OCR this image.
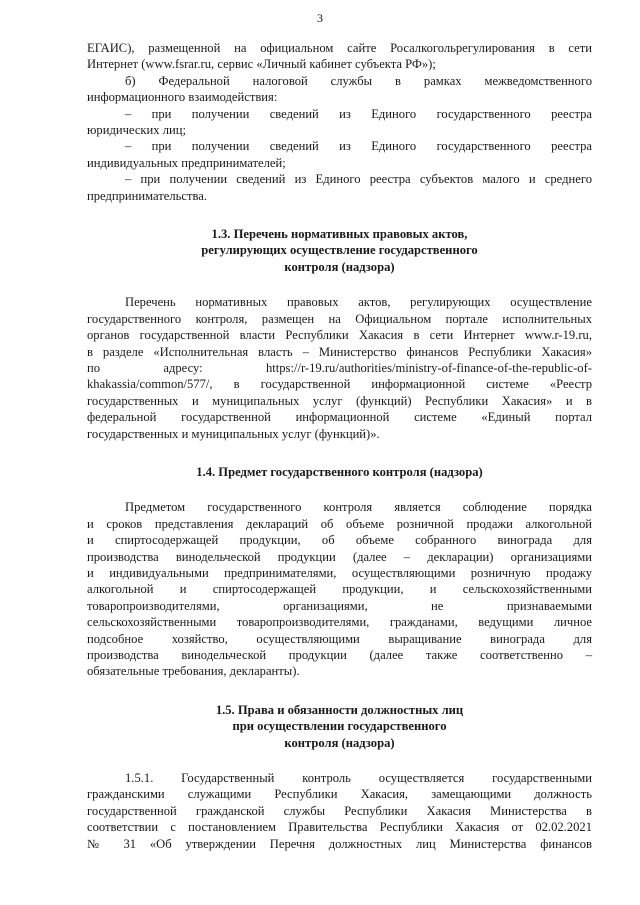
3

ЕГАИС), размещенной на официальном сайте Росалкогольрегулирования в сети

Интернет (www.fsrar.ru, сервис «Личный кабинет субъекта РФ»);

б) Федеральной налоговой службы в рамках межведомственного

информационного взаимодействия:

– при получении сведений из Единого государственного реестра

юридических лиц;

– при получении сведений из Единого государственного реестра

индивидуальных предпринимателей;

– при получении сведений из Единого реестра субъектов малого и среднего

предпринимательства.

1.3. Перечень нормативных правовых актов,
регулирующих осуществление государственного
контроля (надзора)

Перечень нормативных правовых актов, регулирующих осуществление

государственного контроля, размещен на Официальном портале исполнительных

органов государственной власти Республики Хакасия в сети Интернет www.r-19.ru,

в разделе «Исполнительная власть – Министерство финансов Республики Хакасия»

по адресу: https://r-19.ru/authorities/ministry-of-finance-of-the-republic-of-

khakassia/common/577/, в государственной информационной системе «Реестр

государственных и муниципальных услуг (функций) Республики Хакасия» и в

федеральной государственной информационной системе «Единый портал

государственных и муниципальных услуг (функций)».

1.4. Предмет государственного контроля (надзора)

Предметом государственного контроля является соблюдение порядка

и сроков представления деклараций об объеме розничной продажи алкогольной

и спиртосодержащей продукции, об объеме собранного винограда для

производства винодельческой продукции (далее – декларации) организациями

и индивидуальными предпринимателями, осуществляющими розничную продажу

алкогольной и спиртосодержащей продукции, и сельскохозяйственными

товаропроизводителями, организациями, не признаваемыми

сельскохозяйственными товаропроизводителями, гражданами, ведущими личное

подсобное хозяйство, осуществляющими выращивание винограда для

производства винодельческой продукции (далее также соответственно –

обязательные требования, декларанты).

1.5. Права и обязанности должностных лиц
при осуществлении государственного
контроля (надзора)

1.5.1. Государственный контроль осуществляется государственными

гражданскими служащими Республики Хакасия, замещающими должность

государственной гражданской службы Республики Хакасия Министерства в

соответствии с постановлением Правительства Республики Хакасия от 02.02.2021

№ 31 «Об утверждении Перечня должностных лиц Министерства финансов
